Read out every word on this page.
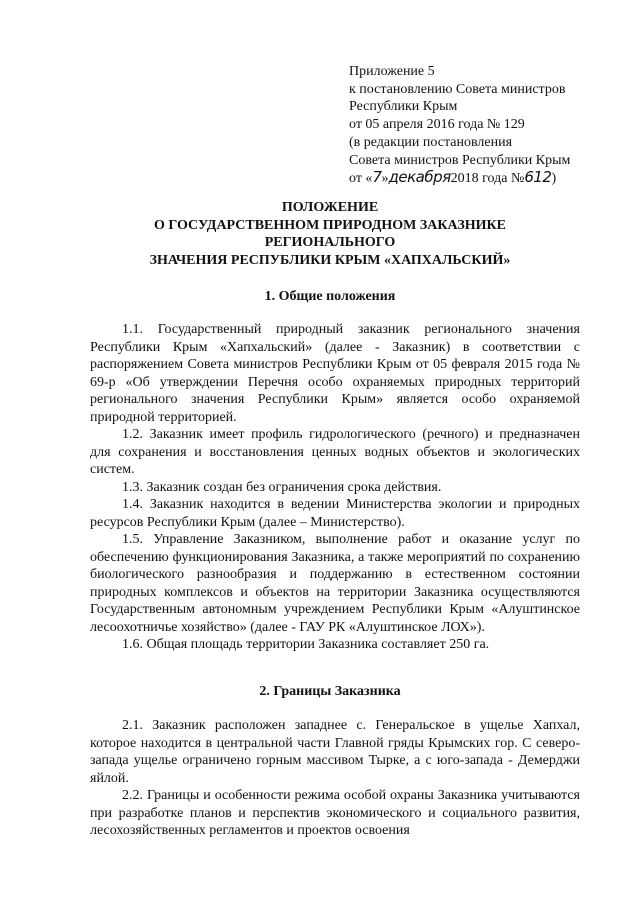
Приложение 5
к постановлению Совета министров
Республики Крым
от 05 апреля 2016 года № 129
(в редакции постановления
Совета министров Республики Крым
от «7»декабря2018 года №612)
ПОЛОЖЕНИЕ
О ГОСУДАРСТВЕННОМ ПРИРОДНОМ ЗАКАЗНИКЕ
РЕГИОНАЛЬНОГО
ЗНАЧЕНИЯ РЕСПУБЛИКИ КРЫМ «ХАПХАЛЬСКИЙ»
1. Общие положения

1.1. Государственный природный заказник регионального значения Республики Крым «Хапхальский» (далее - Заказник) в соответствии с распоряжением Совета министров Республики Крым от 05 февраля 2015 года № 69-р «Об утверждении Перечня особо охраняемых природных территорий регионального значения Республики Крым» является особо охраняемой природной территорией.

1.2. Заказник имеет профиль гидрологического (речного) и предназначен для сохранения и восстановления ценных водных объектов и экологических систем.

1.3. Заказник создан без ограничения срока действия.

1.4. Заказник находится в ведении Министерства экологии и природных ресурсов Республики Крым (далее – Министерство).

1.5. Управление Заказником, выполнение работ и оказание услуг по обеспечению функционирования Заказника, а также мероприятий по сохранению биологического разнообразия и поддержанию в естественном состоянии природных комплексов и объектов на территории Заказника осуществляются Государственным автономным учреждением Республики Крым «Алуштинское лесоохотничье хозяйство» (далее - ГАУ РК «Алуштинское ЛОХ»).

1.6. Общая площадь территории Заказника составляет 250 га.

2. Границы Заказника

2.1. Заказник расположен западнее с. Генеральское в ущелье Хапхал, которое находится в центральной части Главной гряды Крымских гор. С северо-запада ущелье ограничено горным массивом Тырке, а с юго-запада - Демерджи яйлой.

2.2. Границы и особенности режима особой охраны Заказника учитываются при разработке планов и перспектив экономического и социального развития, лесохозяйственных регламентов и проектов освоения
